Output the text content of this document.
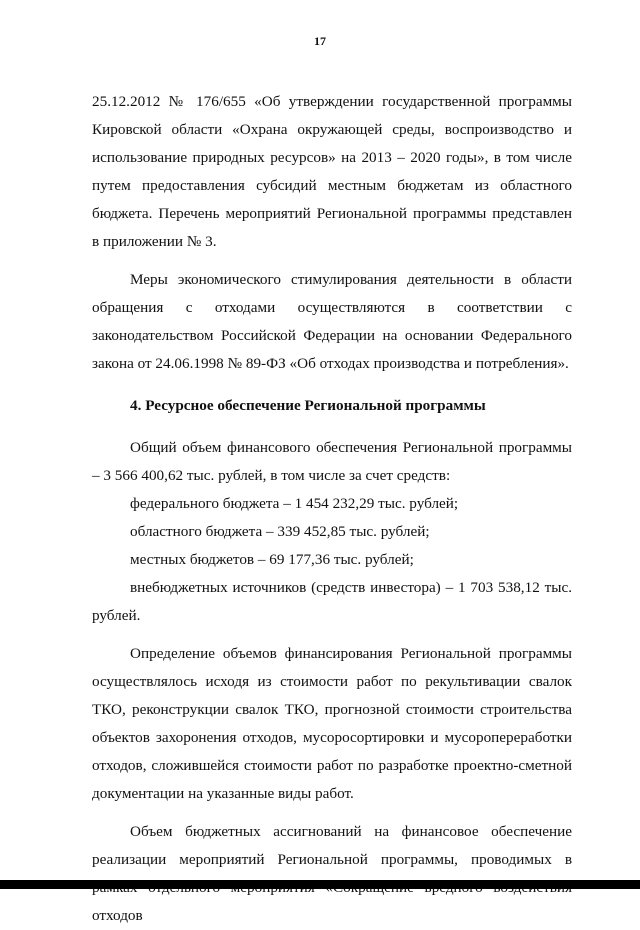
17

25.12.2012 № 176/655 «Об утверждении государственной программы Кировской области «Охрана окружающей среды, воспроизводство и использование природных ресурсов» на 2013 – 2020 годы», в том числе путем предоставления субсидий местным бюджетам из областного бюджета. Перечень мероприятий Региональной программы представлен в приложении № 3.

Меры экономического стимулирования деятельности в области обращения с отходами осуществляются в соответствии с законодательством Российской Федерации на основании Федерального закона от 24.06.1998 № 89-ФЗ «Об отходах производства и потребления».

4. Ресурсное обеспечение Региональной программы

Общий объем финансового обеспечения Региональной программы – 3 566 400,62 тыс. рублей, в том числе за счет средств:

федерального бюджета – 1 454 232,29 тыс. рублей;

областного бюджета – 339 452,85 тыс. рублей;

местных бюджетов – 69 177,36 тыс. рублей;

внебюджетных источников (средств инвестора) – 1 703 538,12 тыс. рублей.

Определение объемов финансирования Региональной программы осуществлялось исходя из стоимости работ по рекультивации свалок ТКО, реконструкции свалок ТКО, прогнозной стоимости строительства объектов захоронения отходов, мусоросортировки и мусоропереработки отходов, сложившейся стоимости работ по разработке проектно-сметной документации на указанные виды работ.

Объем бюджетных ассигнований на финансовое обеспечение реализации мероприятий Региональной программы, проводимых в отходов
